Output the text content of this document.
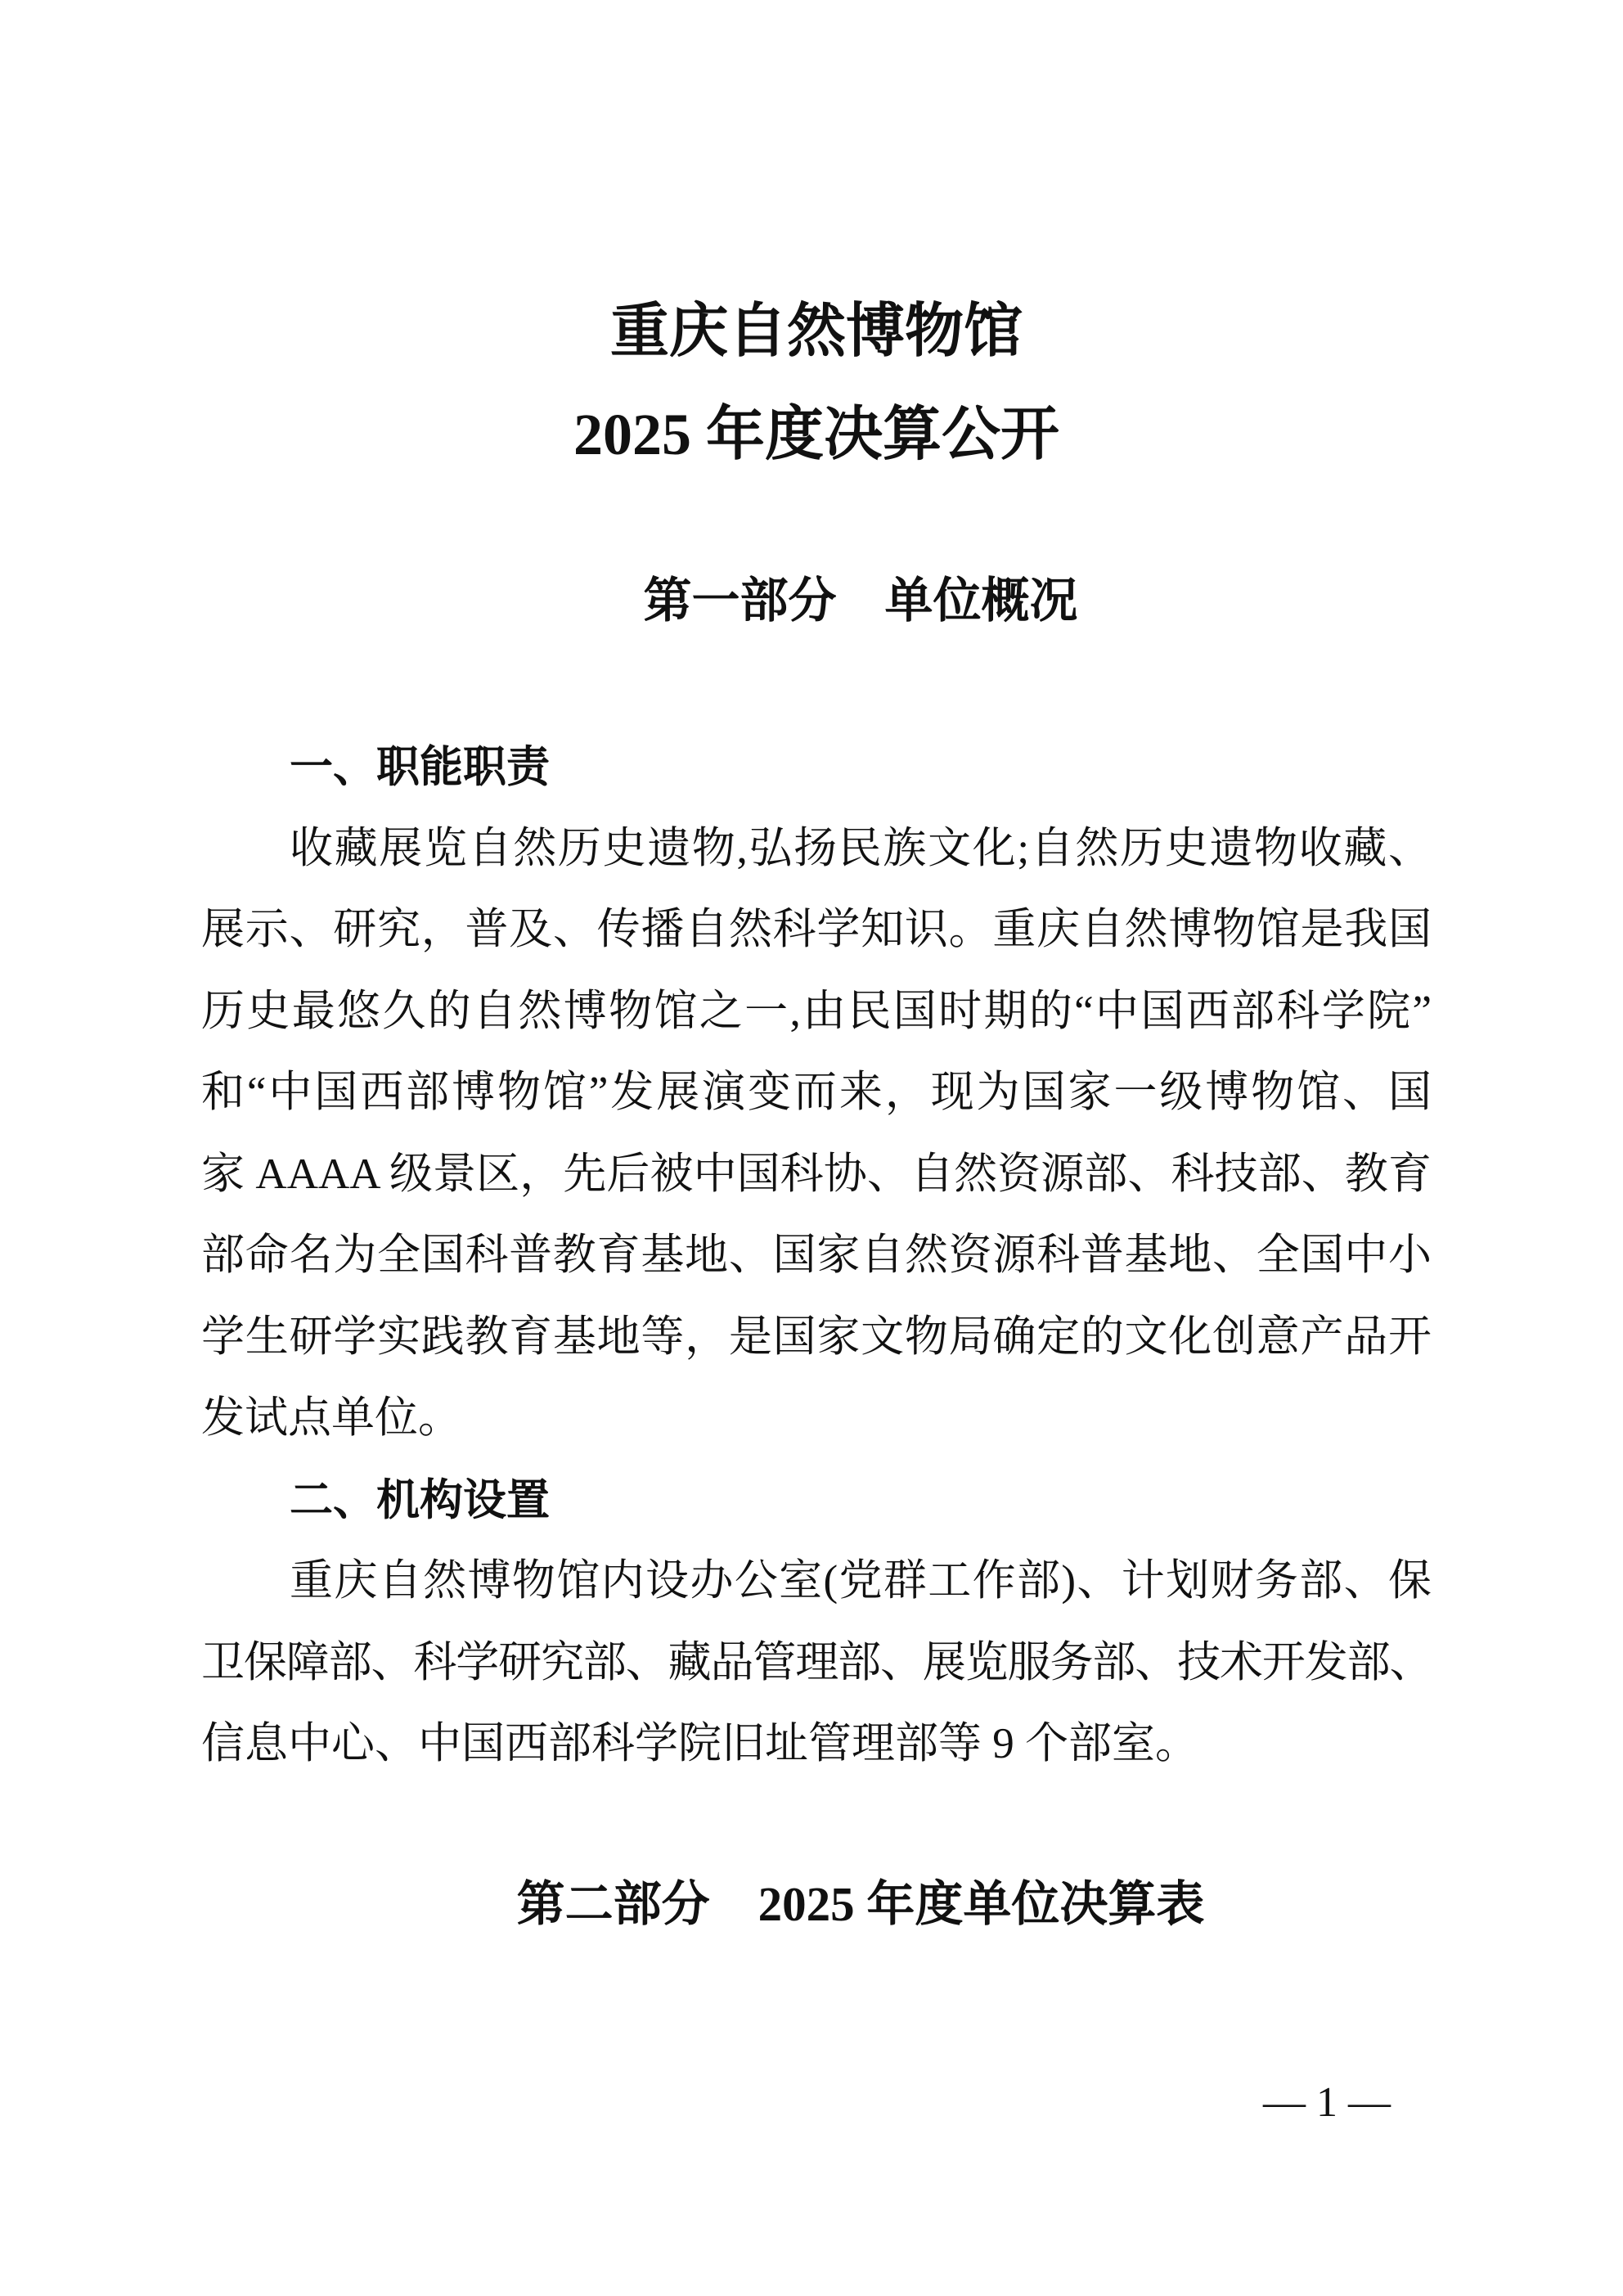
重庆自然博物馆
2025 年度决算公开
第一部分　单位概况
一、职能职责
收藏展览自然历史遗物,弘扬民族文化;自然历史遗物收藏、
展示、研究，普及、传播自然科学知识。重庆自然博物馆是我国
历史最悠久的自然博物馆之一,由民国时期的“中国西部科学院”
和“中国西部博物馆”发展演变而来，现为国家一级博物馆、国
家 AAAA 级景区，先后被中国科协、自然资源部、科技部、教育
部命名为全国科普教育基地、国家自然资源科普基地、全国中小
学生研学实践教育基地等，是国家文物局确定的文化创意产品开
发试点单位。
二、机构设置
重庆自然博物馆内设办公室(党群工作部)、计划财务部、保
卫保障部、科学研究部、藏品管理部、展览服务部、技术开发部、
信息中心、中国西部科学院旧址管理部等 9 个部室。
第二部分　2025 年度单位决算表
— 1 —
